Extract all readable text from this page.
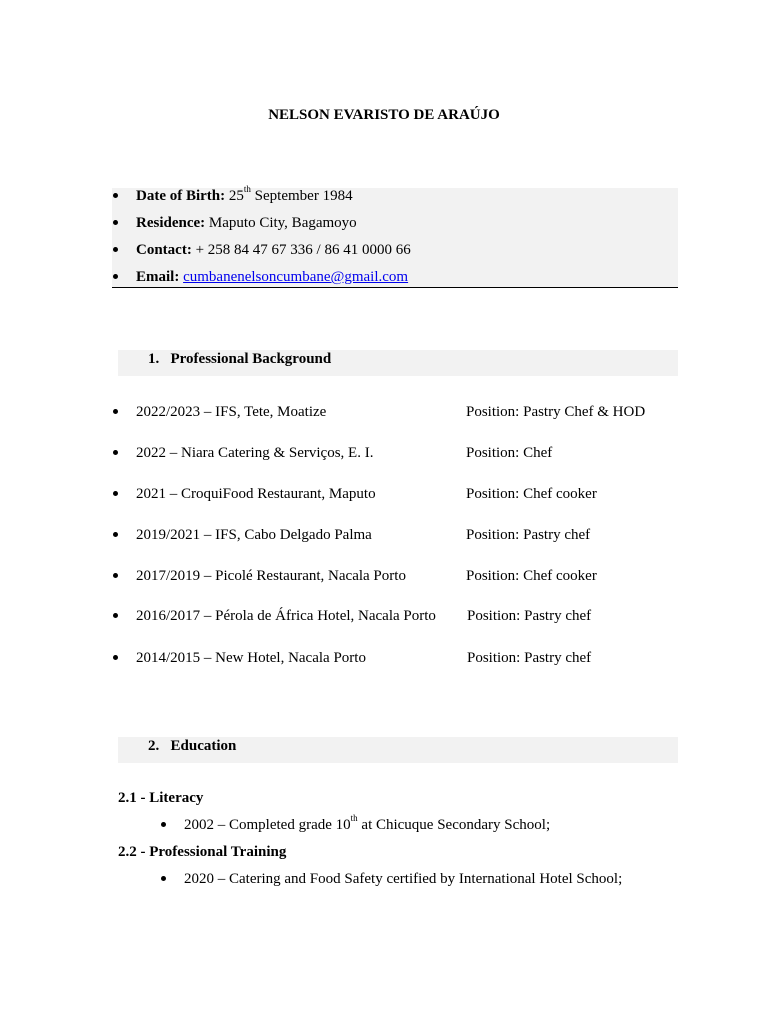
NELSON EVARISTO DE ARAÚJO
Date of Birth: 25th September 1984
Residence: Maputo City, Bagamoyo
Contact: + 258 84 47 67 336 / 86 41 0000 66
Email: cumbanenelsoncumbane@gmail.com
1. Professional Background
2022/2023 – IFS, Tete, Moatize	Position: Pastry Chef & HOD
2022 – Niara Catering & Serviços, E. I.	Position: Chef
2021 – CroquiFood Restaurant, Maputo	Position: Chef cooker
2019/2021 – IFS, Cabo Delgado Palma	Position: Pastry chef
2017/2019 – Picolé Restaurant, Nacala Porto	Position: Chef cooker
2016/2017 – Pérola de África Hotel, Nacala Porto Position: Pastry chef
2014/2015 – New Hotel, Nacala Porto	Position: Pastry chef
2. Education
2.1 - Literacy
2002 – Completed grade 10th at Chicuque Secondary School;
2.2 - Professional Training
2020 – Catering and Food Safety certified by International Hotel School;
